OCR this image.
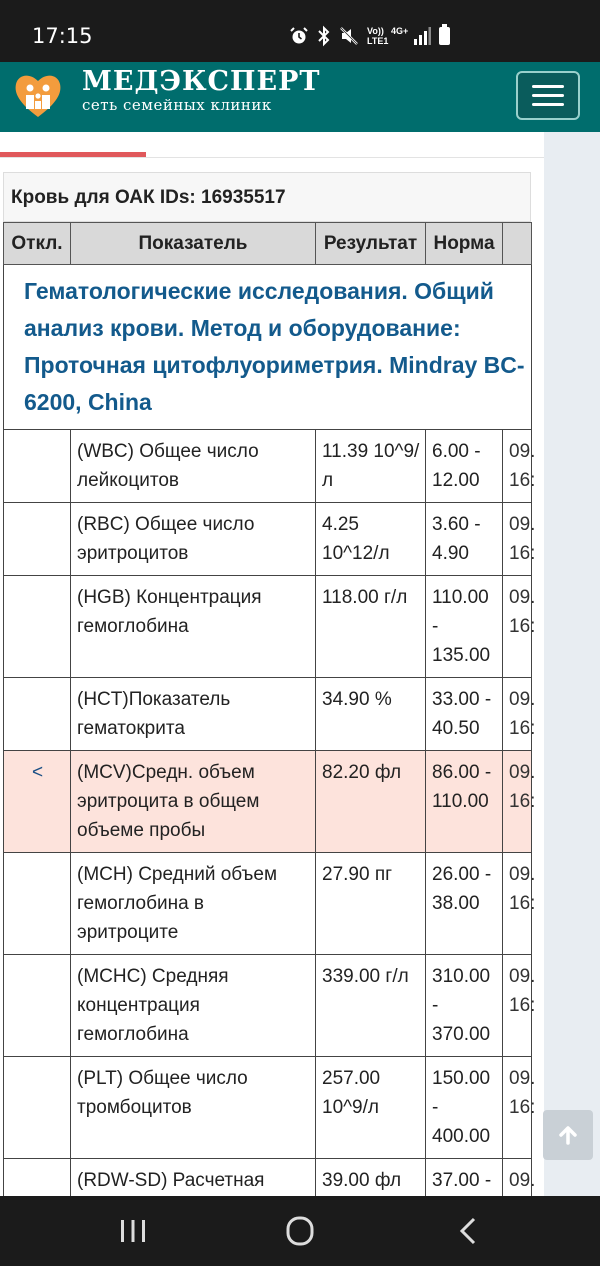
17:15	Vo))
LTE1
4G+
МЕДЭКСПЕРТ
сеть семейных клиник
Кровь для ОАК IDs: 16935517
Откл.	Показатель	Результат	Норма	

Гематологические исследования. Общий
анализ крови. Метод и оборудование:
Проточная цитофлуориметрия. Mindray BC-
6200, China				

	(WBC) Общее число лейкоцитов	11.39 10^9/л	6.00 - 12.00	09.
16:

	(RBC) Общее число эритроцитов	4.25 10^12/л	3.60 - 4.90	09.
16:

	(HGB) Концентрация гемоглобина	118.00 г/л	110.00 - 135.00	09.
16:

	(HCT)Показатель гематокрита	34.90 %	33.00 - 40.50	09.
16:

<	(MCV)Средн. объем эритроцита в общем объеме пробы	82.20 фл	86.00 - 110.00	09.
16:

	(MCH) Средний объем гемоглобина в эритроците	27.90 пг	26.00 - 38.00	09.
16:

	(MCHC) Средняя концентрация гемоглобина	339.00 г/л	310.00 - 370.00	09.
16:

	(PLT) Общее число тромбоцитов	257.00 10^9/л	150.00 - 400.00	09.
16:

	(RDW-SD) Расчетная	39.00 фл	37.00 -	09.
